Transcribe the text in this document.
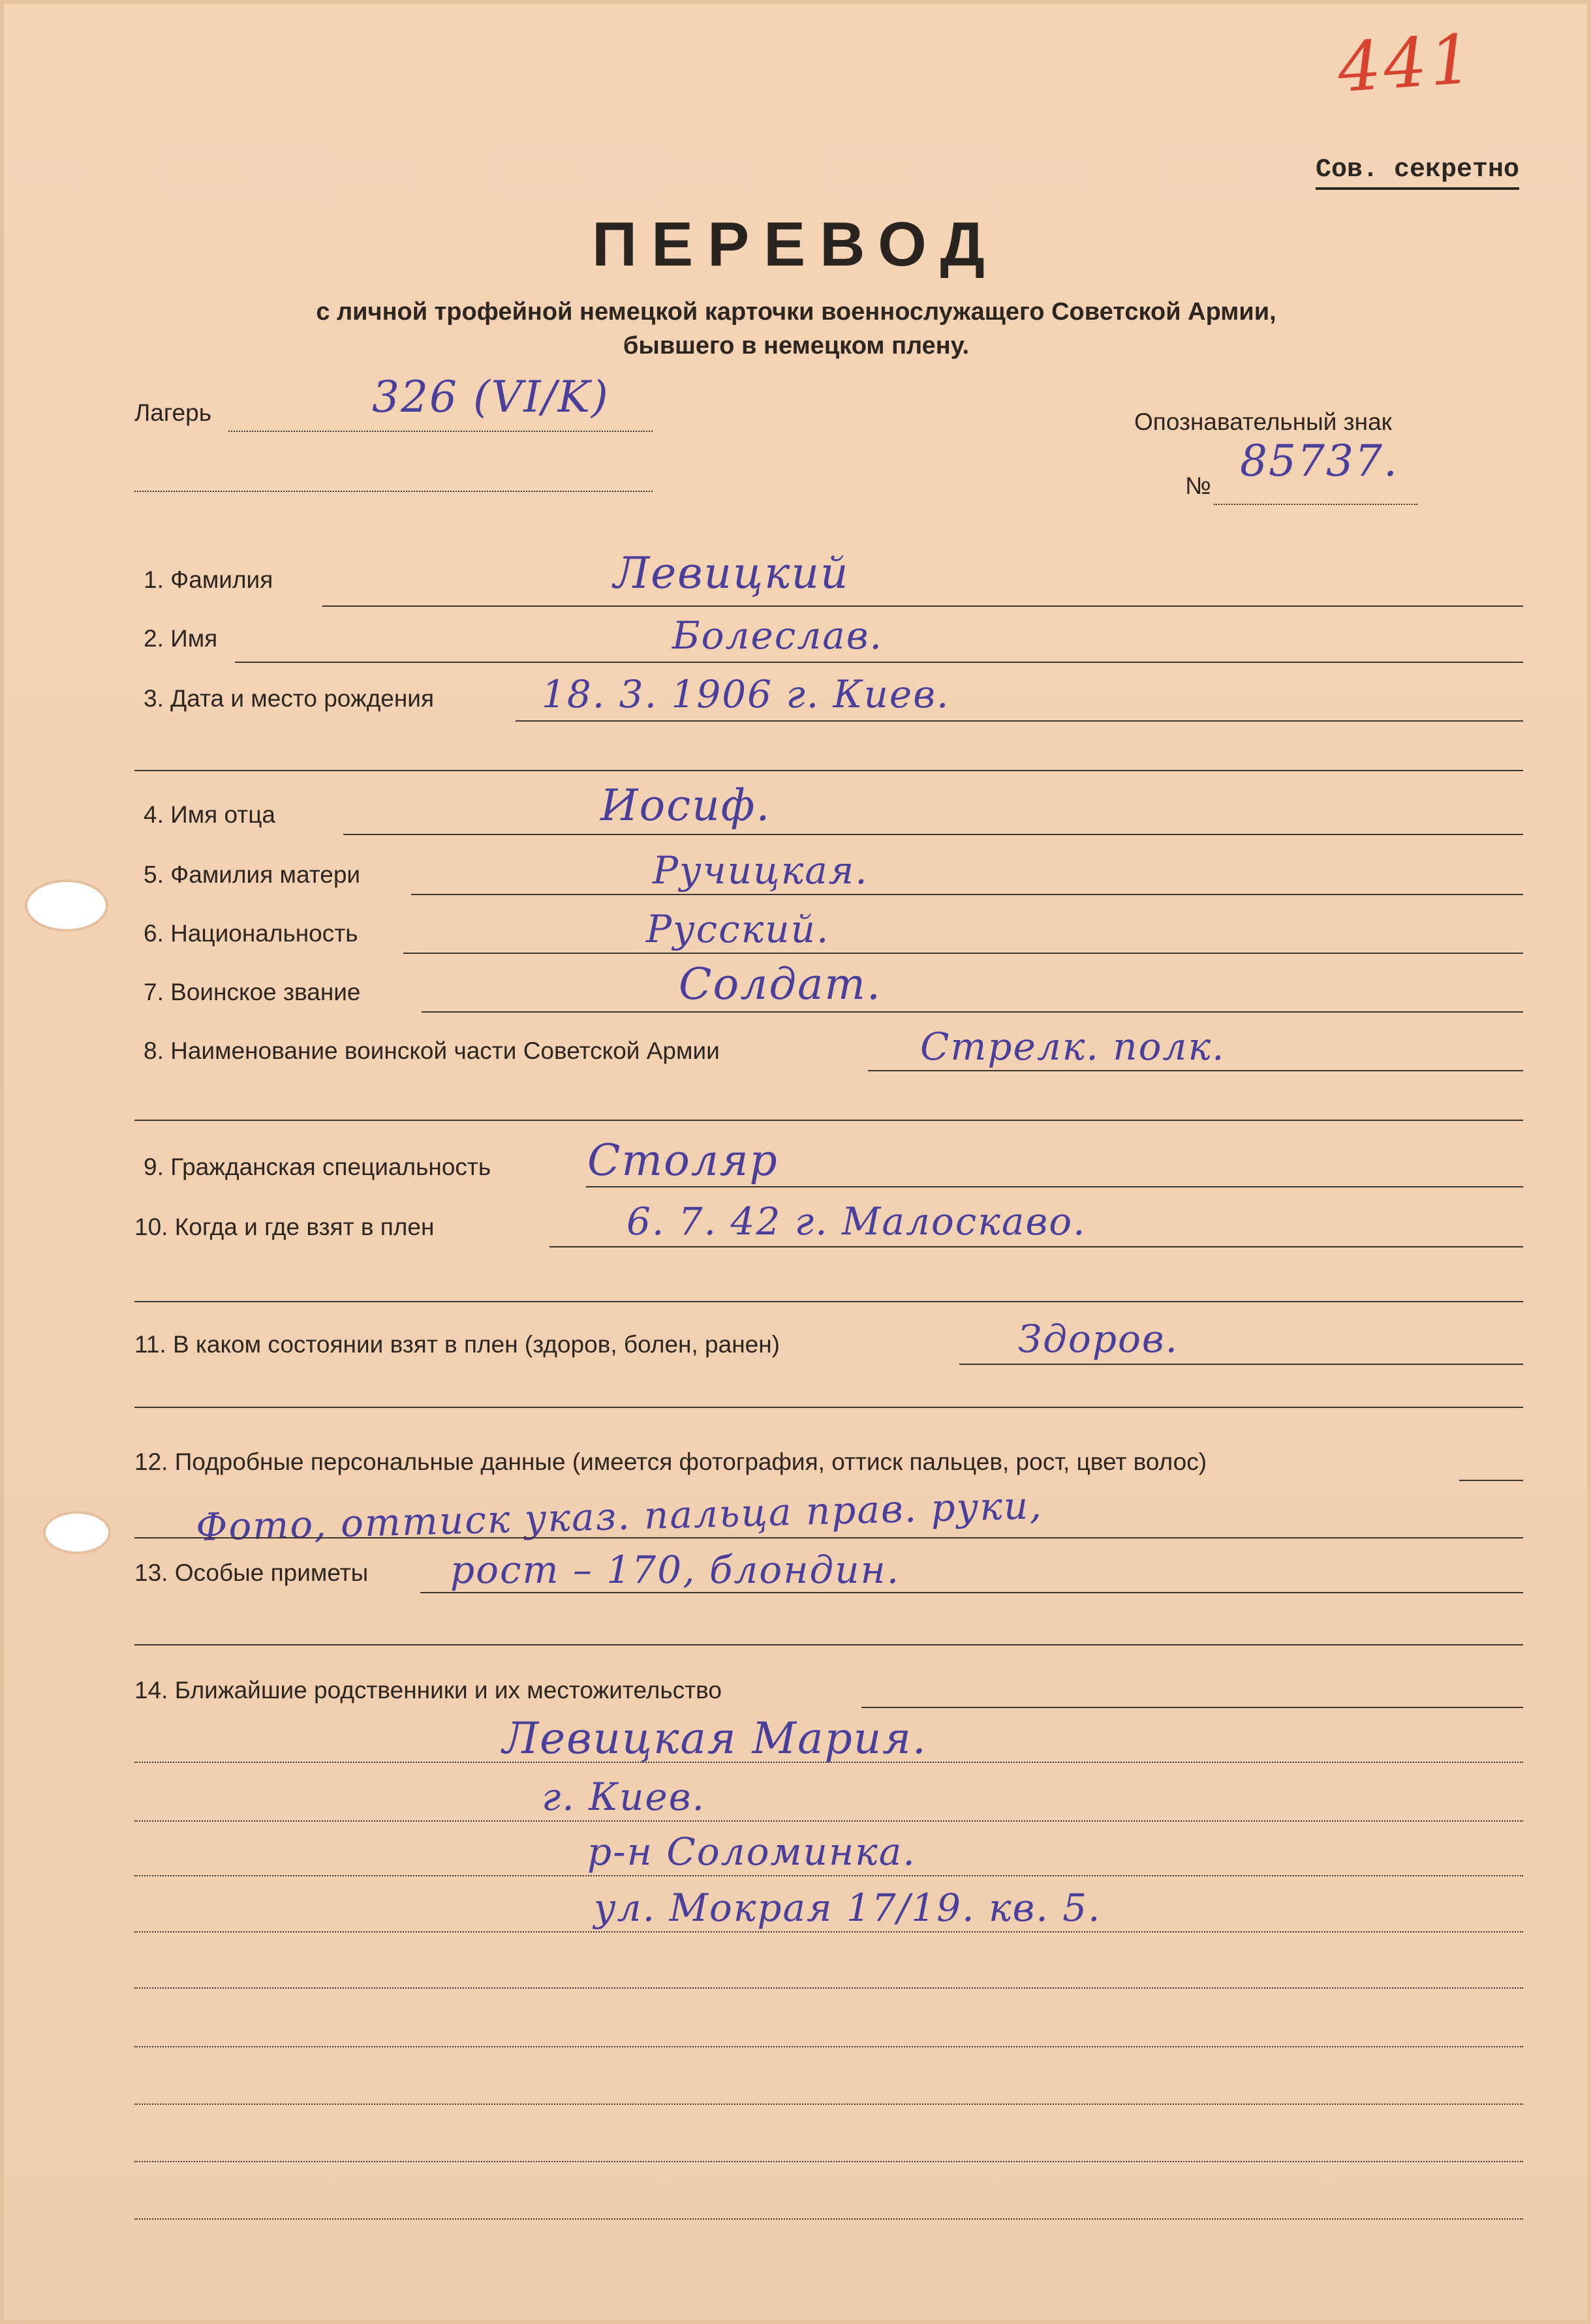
441
Сов. секретно
ПЕРЕВОД
с личной трофейной немецкой карточки военнослужащего Советской Армии,
бывшего в немецком плену.
Лагерь	326 (VI/K)	Опознавательный знак
№ 85737.
1. Фамилия	Левицкий
2. Имя	Болеслав.
3. Дата и место рождения	18. 3. 1906 г. Киев.
4. Имя отца	Иосиф.
5. Фамилия матери	Ручицкая.
6. Национальность	Русский.
7. Воинское звание	Солдат.
8. Наименование воинской части Советской Армии	Стрелк. полк.
9. Гражданская специальность Столяр
10. Когда и где взят в плен	6. 7. 42 г. Малоскаво.
11. В каком состоянии взят в плен (здоров, болен, ранен)	Здоров.
12. Подробные персональные данные (имеется фотография, оттиск пальцев, рост, цвет волос)
Фото, оттиск указ. пальца прав. руки,
13. Особые приметы рост – 170, блондин.
14. Ближайшие родственники и их местожительство
Левицкая Мария.
г. Киев.
р-н Соломинка.
ул. Мокрая 17/19. кв. 5.
